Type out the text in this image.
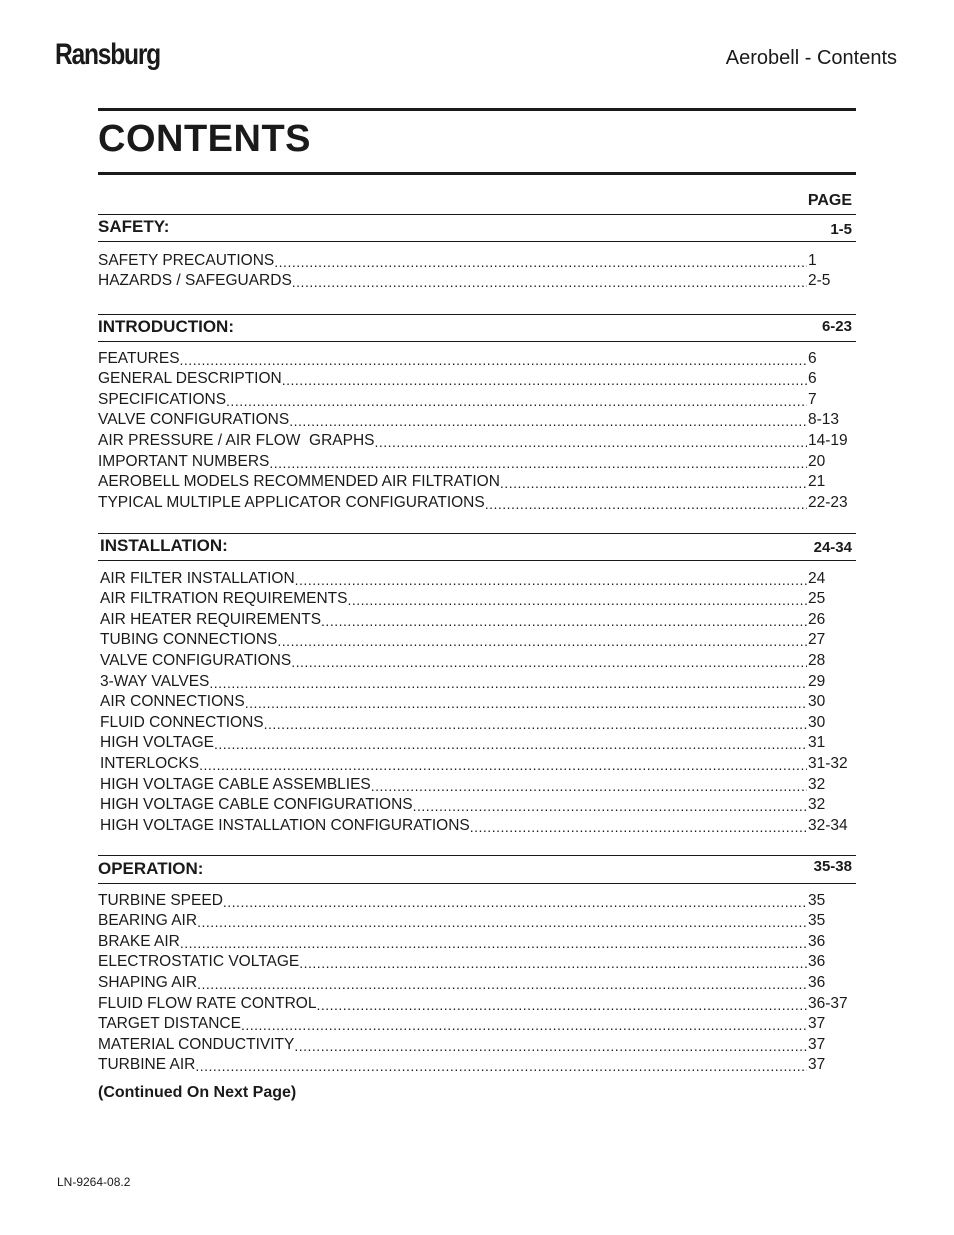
Ransburg	Aerobell - Contents
CONTENTS
PAGE
SAFETY:	1-5
SAFETY PRECAUTIONS .....	1
HAZARDS / SAFEGUARDS .....	2-5
INTRODUCTION:	6-23
FEATURES .....	6
GENERAL DESCRIPTION .....	6
SPECIFICATIONS .....	7
VALVE CONFIGURATIONS .....	8-13
AIR PRESSURE / AIR FLOW  GRAPHS .....	14-19
IMPORTANT NUMBERS .....	20
AEROBELL MODELS RECOMMENDED AIR FILTRATION .....	21
TYPICAL MULTIPLE APPLICATOR CONFIGURATIONS .....	22-23
INSTALLATION:	24-34
AIR FILTER INSTALLATION .....	24
AIR FILTRATION REQUIREMENTS .....	25
AIR HEATER REQUIREMENTS .....	26
TUBING CONNECTIONS .....	27
VALVE CONFIGURATIONS .....	28
3-WAY VALVES .....	29
AIR CONNECTIONS .....	30
FLUID CONNECTIONS .....	30
HIGH VOLTAGE .....	31
INTERLOCKS .....	31-32
HIGH VOLTAGE CABLE ASSEMBLIES .....	32
HIGH VOLTAGE CABLE CONFIGURATIONS .....	32
HIGH VOLTAGE INSTALLATION CONFIGURATIONS .....	32-34
OPERATION:	35-38
TURBINE SPEED .....	35
BEARING AIR .....	35
BRAKE AIR .....	36
ELECTROSTATIC VOLTAGE .....	36
SHAPING AIR .....	36
FLUID FLOW RATE CONTROL .....	36-37
TARGET DISTANCE .....	37
MATERIAL CONDUCTIVITY .....	37
TURBINE AIR .....	37
(Continued On Next Page)
LN-9264-08.2
